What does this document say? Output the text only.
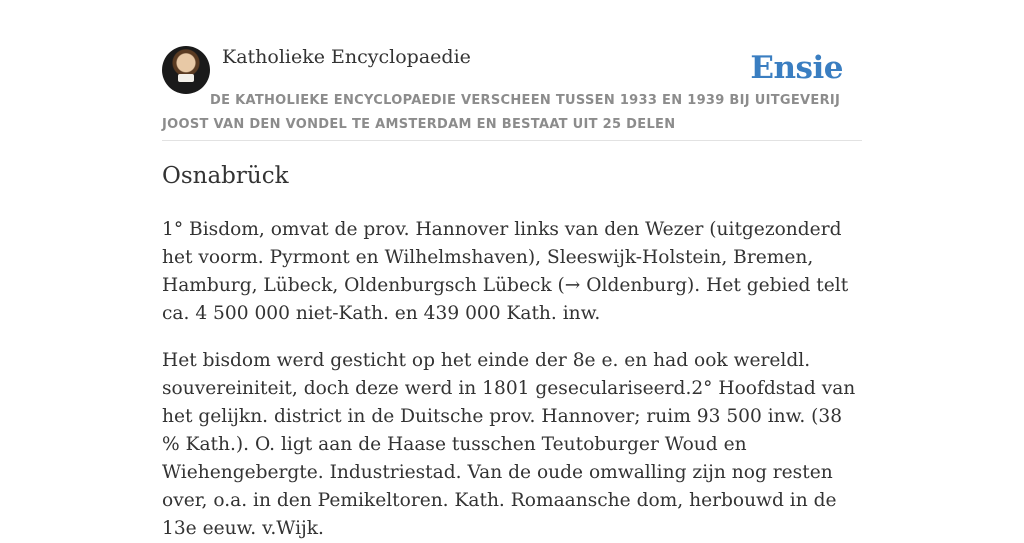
Katholieke Encyclopaedie	Ensie
DE KATHOLIEKE ENCYCLOPAEDIE VERSCHEEN TUSSEN 1933 EN 1939 BIJ UITGEVERIJ JOOST VAN DEN VONDEL TE AMSTERDAM EN BESTAAT UIT 25 DELEN
Osnabrück

1° Bisdom, omvat de prov. Hannover links van den Wezer (uitgezonderd het voorm. Pyrmont en Wilhelmshaven), Sleeswijk-Holstein, Bremen, Hamburg, Lübeck, Oldenburgsch Lübeck (→ Oldenburg). Het gebied telt ca. 4 500 000 niet-Kath. en 439 000 Kath. inw.

Het bisdom werd gesticht op het einde der 8e e. en had ook wereldl. souvereiniteit, doch deze werd in 1801 geseculariseerd.2° Hoofdstad van het gelijkn. district in de Duitsche prov. Hannover; ruim 93 500 inw. (38 % Kath.). O. ligt aan de Haase tusschen Teutoburger Woud en Wiehengebergte. Industriestad. Van de oude omwalling zijn nog resten over, o.a. in den Pemikeltoren. Kath. Romaansche dom, herbouwd in de 13e eeuw. v.Wijk.
